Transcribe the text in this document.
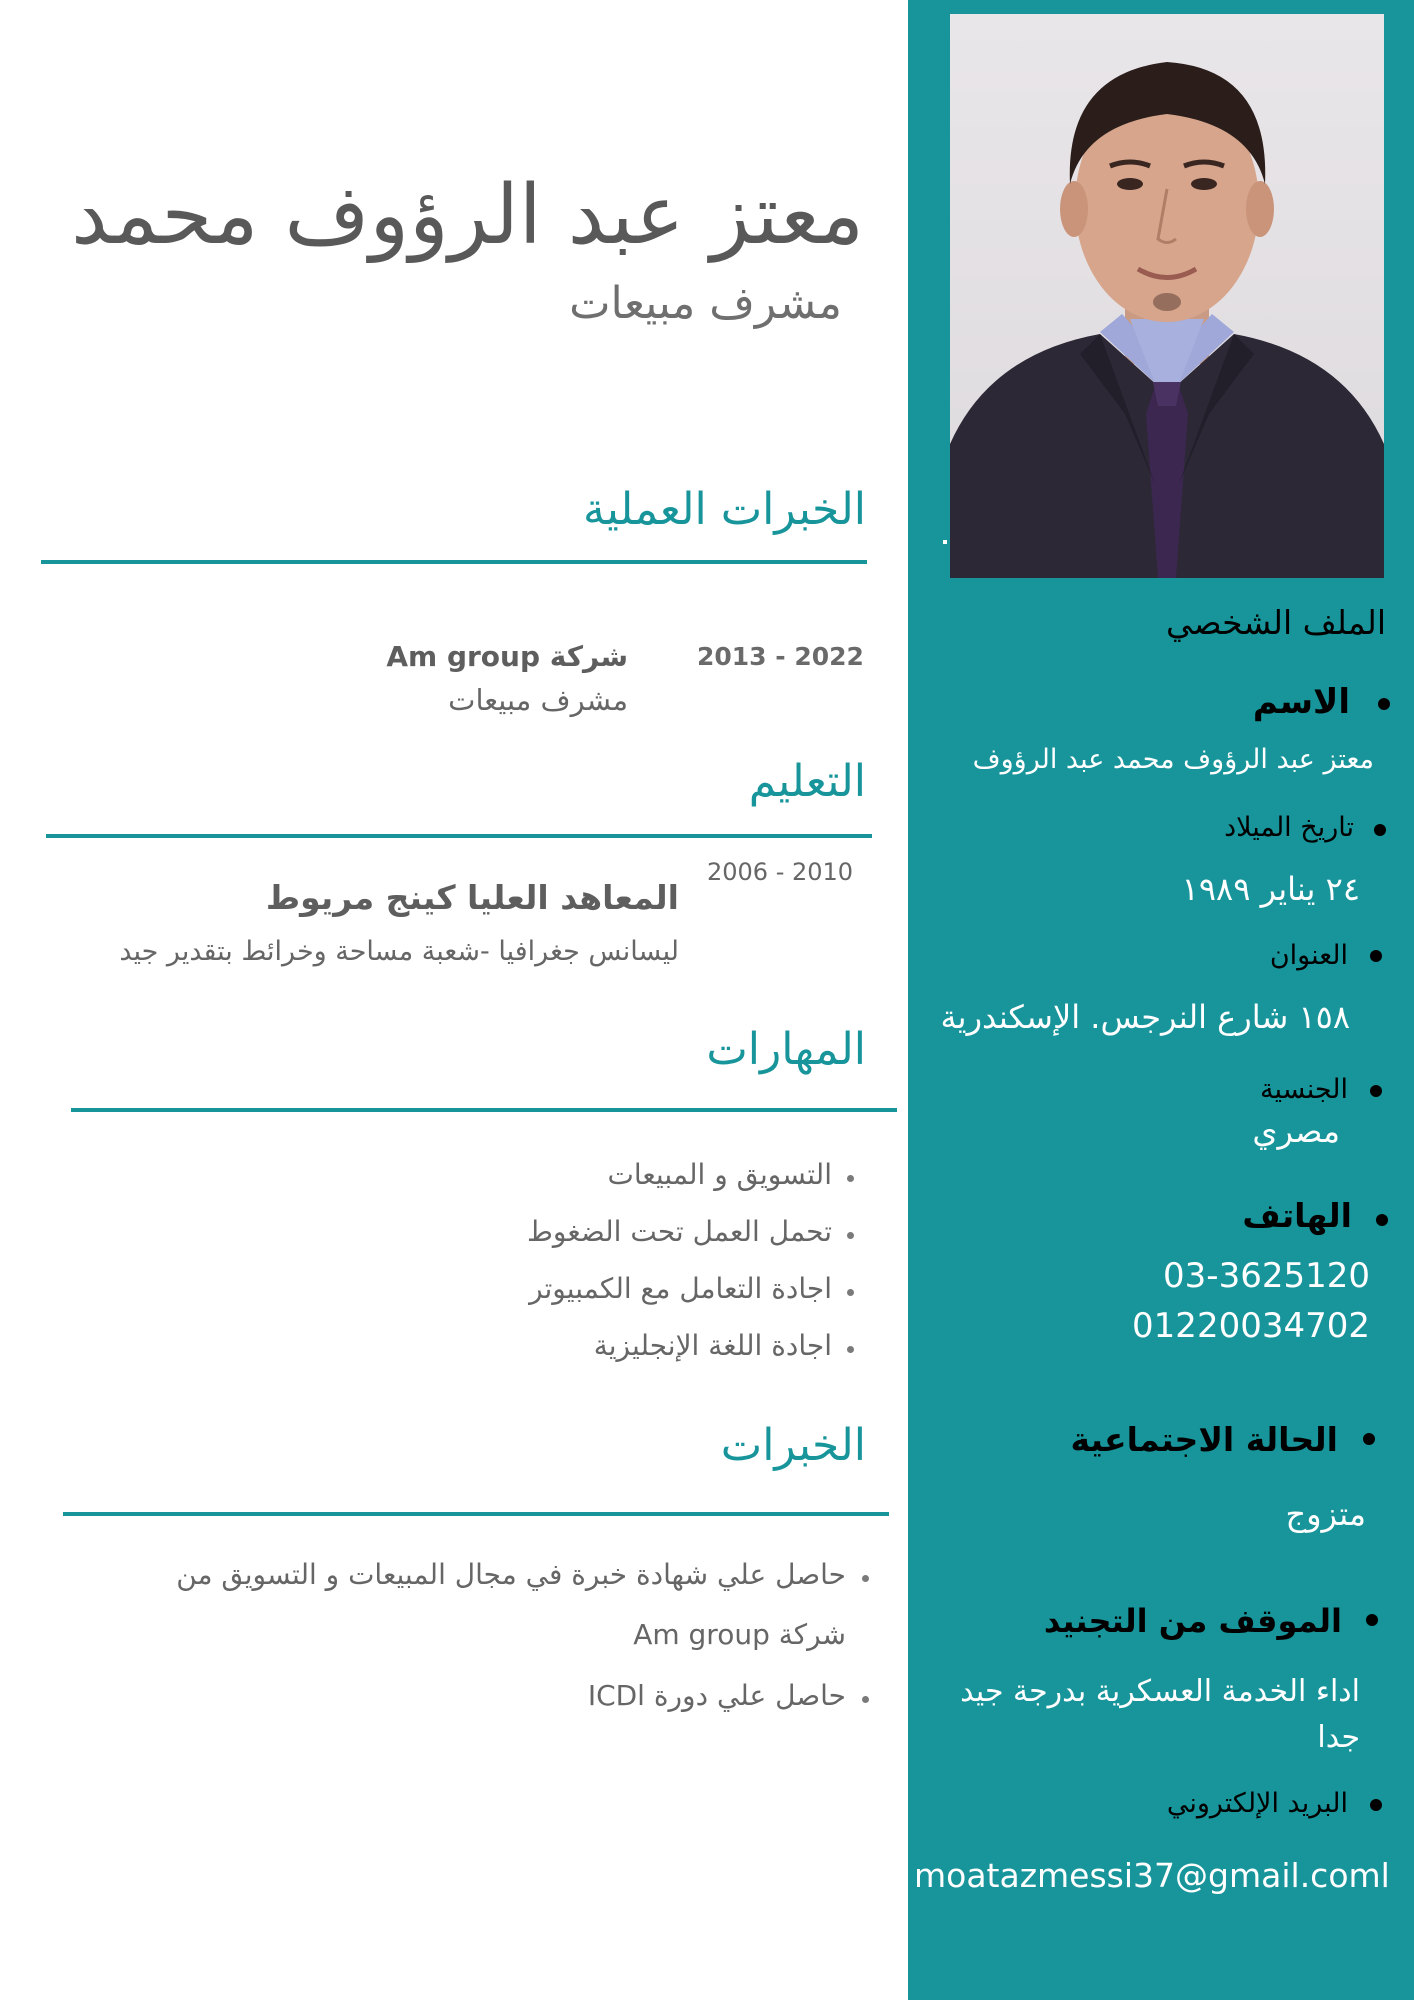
الملف الشخصي
الاسم
معتز عبد الرؤوف محمد عبد الرؤوف
تاريخ الميلاد
٢٤ يناير ١٩٨٩
العنوان
١٥٨ شارع النرجس. الإسكندرية
الجنسية
مصري
الهاتف
03-3625120
01220034702
الحالة الاجتماعية
متزوج
الموقف من التجنيد
اداء الخدمة العسكرية بدرجة جيد
جدا
البريد الإلكتروني
moatazmessi37@gmail.coml
معتز عبد الرؤوف محمد
مشرف مبيعات
الخبرات العملية
2013 - 2022
شركة Am group
مشرف مبيعات
التعليم
2006 - 2010
المعاهد العليا كينج مريوط
ليسانس جغرافيا -شعبة مساحة وخرائط بتقدير جيد
المهارات
التسويق و المبيعات
تحمل العمل تحت الضغوط
اجادة التعامل مع الكمبيوتر
اجادة اللغة الإنجليزية
الخبرات
حاصل علي شهادة خبرة في مجال المبيعات و التسويق من
شركة Am group
حاصل علي دورة ICDl
